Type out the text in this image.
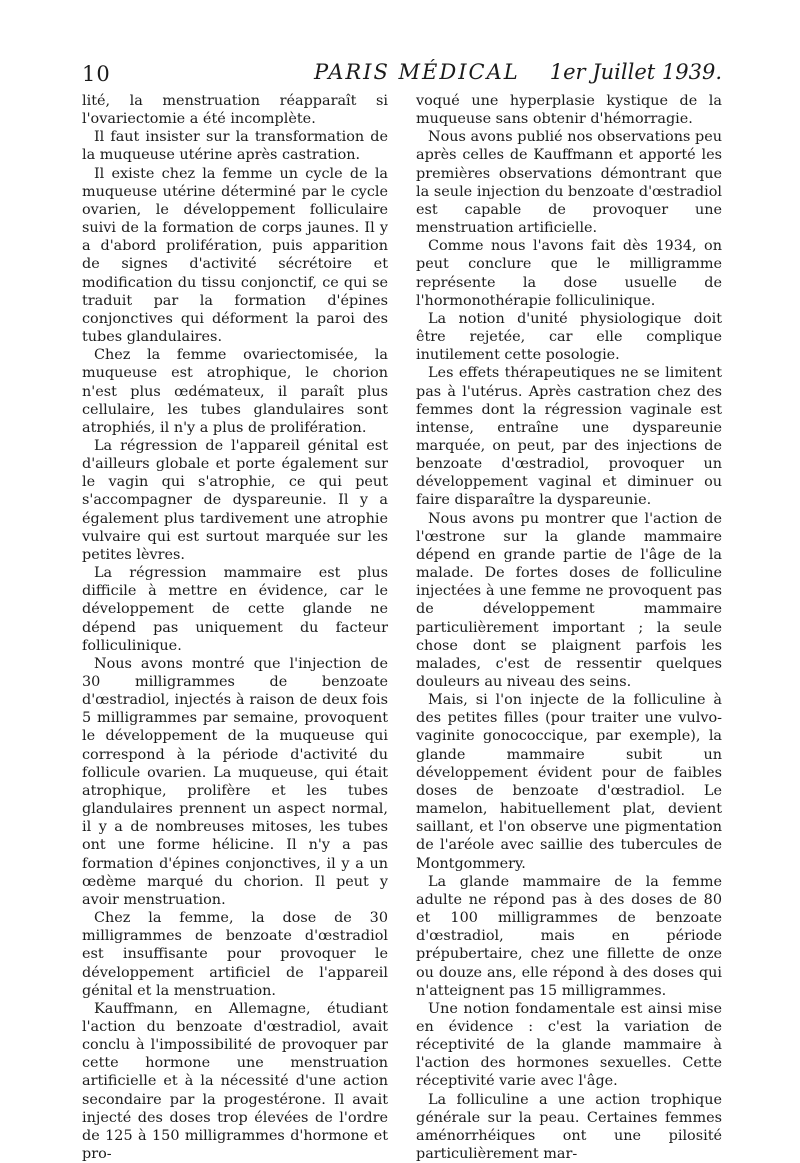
10	PARIS MÉDICAL 1er Juillet 1939.

lité, la menstruation réapparaît si l'ovariectomie a été incomplète.

Il faut insister sur la transformation de la muqueuse utérine après castration.

Il existe chez la femme un cycle de la muqueuse utérine déterminé par le cycle ovarien, le développement folliculaire suivi de la formation de corps jaunes. Il y a d'abord prolifération, puis apparition de signes d'activité sécrétoire et modification du tissu conjonctif, ce qui se traduit par la formation d'épines conjonctives qui déforment la paroi des tubes glandulaires.

Chez la femme ovariectomisée, la muqueuse est atrophique, le chorion n'est plus œdémateux, il paraît plus cellulaire, les tubes glandulaires sont atrophiés, il n'y a plus de prolifération.

La régression de l'appareil génital est d'ailleurs globale et porte également sur le vagin qui s'atrophie, ce qui peut s'accompagner de dyspareunie. Il y a également plus tardivement une atrophie vulvaire qui est surtout marquée sur les petites lèvres.

La régression mammaire est plus difficile à mettre en évidence, car le développement de cette glande ne dépend pas uniquement du facteur folliculinique.

Nous avons montré que l'injection de 30 milligrammes de benzoate d'œstradiol, injectés à raison de deux fois 5 milligrammes par semaine, provoquent le développement de la muqueuse qui correspond à la période d'activité du follicule ovarien. La muqueuse, qui était atrophique, prolifère et les tubes glandulaires prennent un aspect normal, il y a de nombreuses mitoses, les tubes ont une forme hélicine. Il n'y a pas formation d'épines conjonctives, il y a un œdème marqué du chorion. Il peut y avoir menstruation.

Chez la femme, la dose de 30 milligrammes de benzoate d'œstradiol est insuffisante pour provoquer le développement artificiel de l'appareil génital et la menstruation.

Kauffmann, en Allemagne, étudiant l'action du benzoate d'œstradiol, avait conclu à l'impossibilité de provoquer par cette hormone une menstruation artificielle et à la nécessité d'une action secondaire par la progestérone. Il avait injecté des doses trop élevées de l'ordre de 125 à 150 milligrammes d'hormone et pro-

voqué une hyperplasie kystique de la muqueuse sans obtenir d'hémorragie.

Nous avons publié nos observations peu après celles de Kauffmann et apporté les premières observations démontrant que la seule injection du benzoate d'œstradiol est capable de provoquer une menstruation artificielle.

Comme nous l'avons fait dès 1934, on peut conclure que le milligramme représente la dose usuelle de l'hormonothérapie folliculinique.

La notion d'unité physiologique doit être rejetée, car elle complique inutilement cette posologie.

Les effets thérapeutiques ne se limitent pas à l'utérus. Après castration chez des femmes dont la régression vaginale est intense, entraîne une dyspareunie marquée, on peut, par des injections de benzoate d'œstradiol, provoquer un développement vaginal et diminuer ou faire disparaître la dyspareunie.

Nous avons pu montrer que l'action de l'œstrone sur la glande mammaire dépend en grande partie de l'âge de la malade. De fortes doses de folliculine injectées à une femme ne provoquent pas de développement mammaire particulièrement important ; la seule chose dont se plaignent parfois les malades, c'est de ressentir quelques douleurs au niveau des seins.

Mais, si l'on injecte de la folliculine à des petites filles (pour traiter une vulvo-vaginite gonococcique, par exemple), la glande mammaire subit un développement évident pour de faibles doses de benzoate d'œstradiol. Le mamelon, habituellement plat, devient saillant, et l'on observe une pigmentation de l'aréole avec saillie des tubercules de Montgommery.

La glande mammaire de la femme adulte ne répond pas à des doses de 80 et 100 milligrammes de benzoate d'œstradiol, mais en période prépubertaire, chez une fillette de onze ou douze ans, elle répond à des doses qui n'atteignent pas 15 milligrammes.

Une notion fondamentale est ainsi mise en évidence : c'est la variation de réceptivité de la glande mammaire à l'action des hormones sexuelles. Cette réceptivité varie avec l'âge.

La folliculine a une action trophique générale sur la peau. Certaines femmes aménorrhéiques ont une pilosité particulièrement mar-
